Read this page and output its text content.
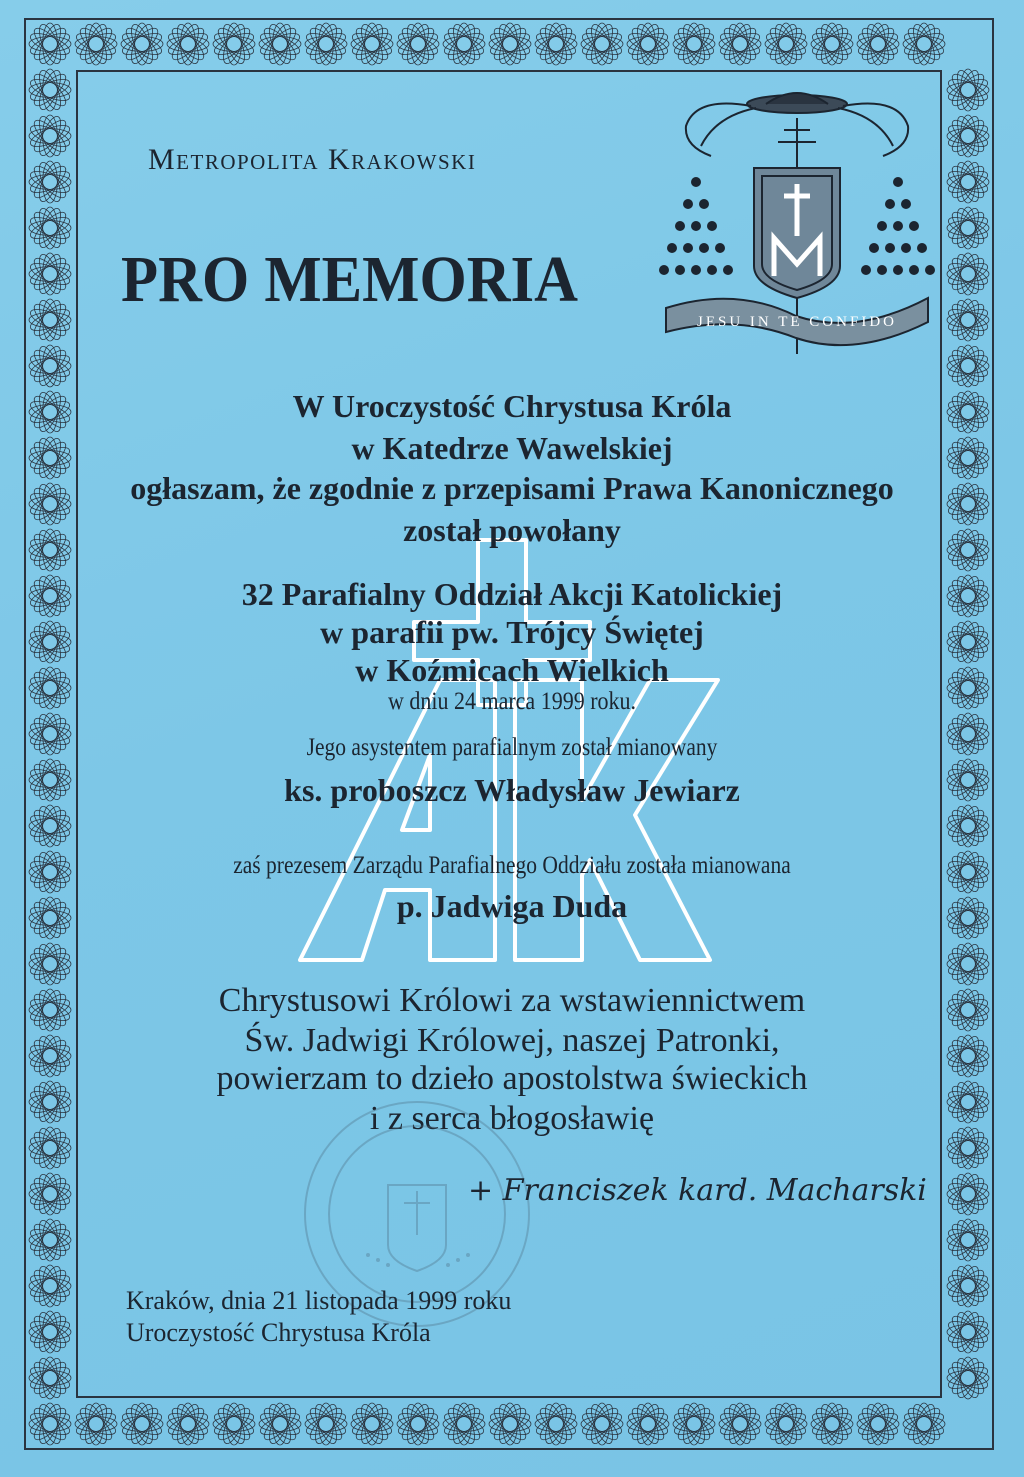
Metropolita Krakowski
PRO MEMORIA
JESU IN TE CONFIDO
W Uroczystość Chrystusa Króla
w Katedrze Wawelskiej
ogłaszam, że zgodnie z przepisami Prawa Kanonicznego
został powołany
32 Parafialny Oddział Akcji Katolickiej
w parafii pw. Trójcy Świętej
w Koźmicach Wielkich
w dniu 24 marca 1999 roku.
Jego asystentem parafialnym został mianowany
ks. proboszcz Władysław Jewiarz
zaś prezesem Zarządu Parafialnego Oddziału została mianowana
p. Jadwiga Duda
Chrystusowi Królowi za wstawiennictwem
Św. Jadwigi Królowej, naszej Patronki,
powierzam to dzieło apostolstwa świeckich
i z serca błogosławię
+ Franciszek kard. Macharski
Kraków, dnia 21 listopada 1999 roku
Uroczystość Chrystusa Króla
